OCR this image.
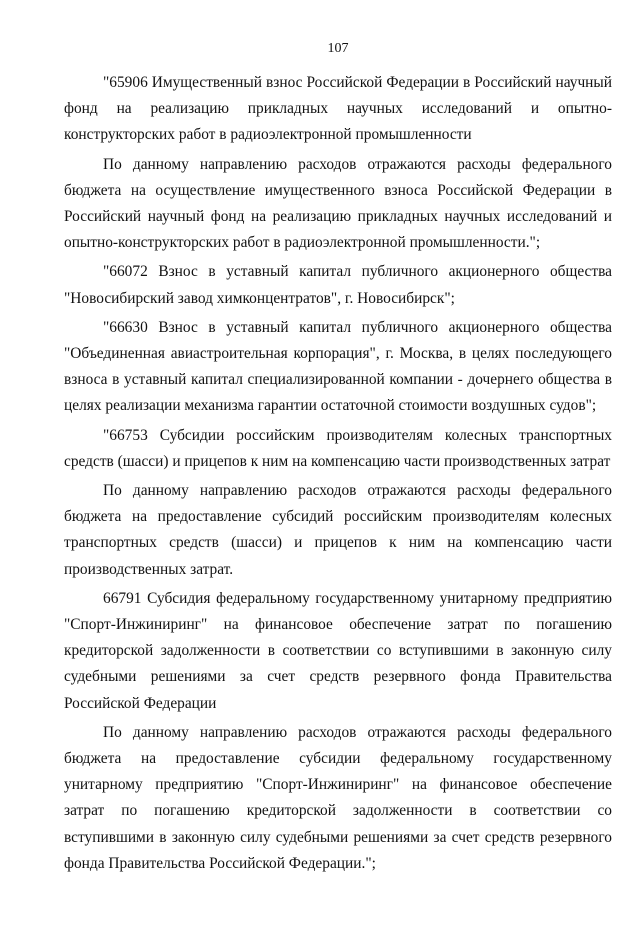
107

"65906 Имущественный взнос Российской Федерации в Российский научный фонд на реализацию прикладных научных исследований и опытно-конструкторских работ в радиоэлектронной промышленности

По данному направлению расходов отражаются расходы федерального бюджета на осуществление имущественного взноса Российской Федерации в Российский научный фонд на реализацию прикладных научных исследований и опытно-конструкторских работ в радиоэлектронной промышленности.";

"66072 Взнос в уставный капитал публичного акционерного общества "Новосибирский завод химконцентратов", г. Новосибирск";

"66630 Взнос в уставный капитал публичного акционерного общества "Объединенная авиастроительная корпорация", г. Москва, в целях последующего взноса в уставный капитал специализированной компании - дочернего общества в целях реализации механизма гарантии остаточной стоимости воздушных судов";

"66753 Субсидии российским производителям колесных транспортных средств (шасси) и прицепов к ним на компенсацию части производственных затрат

По данному направлению расходов отражаются расходы федерального бюджета на предоставление субсидий российским производителям колесных транспортных средств (шасси) и прицепов к ним на компенсацию части производственных затрат.

66791 Субсидия федеральному государственному унитарному предприятию "Спорт-Инжиниринг" на финансовое обеспечение затрат по погашению кредиторской задолженности в соответствии со вступившими в законную силу судебными решениями за счет средств резервного фонда Правительства Российской Федерации

По данному направлению расходов отражаются расходы федерального бюджета на предоставление субсидии федеральному государственному унитарному предприятию "Спорт-Инжиниринг" на финансовое обеспечение затрат по погашению кредиторской задолженности в соответствии со вступившими в законную силу судебными решениями за счет средств резервного фонда Правительства Российской Федерации.";
